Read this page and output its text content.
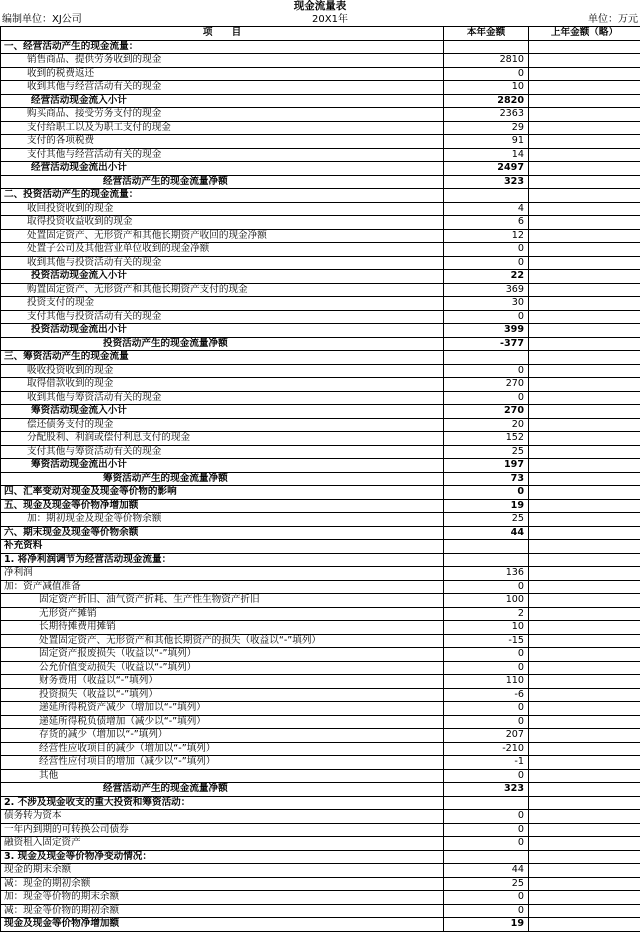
现金流量表
编制单位：XJ公司	20X1年	单位：万元
项　　目	本年金额	上年金额（略）
一、经营活动产生的现金流量：		
销售商品、提供劳务收到的现金	2810	
收到的税费返还	0	
收到其他与经营活动有关的现金	10	
经营活动现金流入小计	2820	
购买商品、接受劳务支付的现金	2363	
支付给职工以及为职工支付的现金	29	
支付的各项税费	91	
支付其他与经营活动有关的现金	14	
经营活动现金流出小计	2497	
经营活动产生的现金流量净额	323	
二、投资活动产生的现金流量：		
收回投资收到的现金	4	
取得投资收益收到的现金	6	
处置固定资产、无形资产和其他长期资产收回的现金净额	12	
处置子公司及其他营业单位收到的现金净额	0	
收到其他与投资活动有关的现金	0	
投资活动现金流入小计	22	
购置固定资产、无形资产和其他长期资产支付的现金	369	
投资支付的现金	30	
支付其他与投资活动有关的现金	0	
投资活动现金流出小计	399	
投资活动产生的现金流量净额	-377	
三、筹资活动产生的现金流量		
吸收投资收到的现金	0	
取得借款收到的现金	270	
收到其他与筹资活动有关的现金	0	
筹资活动现金流入小计	270	
偿还债务支付的现金	20	
分配股利、利润或偿付利息支付的现金	152	
支付其他与筹资活动有关的现金	25	
筹资活动现金流出小计	197	
筹资活动产生的现金流量净额	73	
四、汇率变动对现金及现金等价物的影响	0	
五、现金及现金等价物净增加额	19	
加：期初现金及现金等价物余额	25	
六、期末现金及现金等价物余额	44	
补充资料		
1. 将净利润调节为经营活动现金流量：		
净利润	136	
加：资产减值准备	0	
固定资产折旧、油气资产折耗、生产性生物资产折旧	100	
无形资产摊销	2	
长期待摊费用摊销	10	
处置固定资产、无形资产和其他长期资产的损失（收益以“-”填列）	-15	
固定资产报废损失（收益以“-”填列）	0	
公允价值变动损失（收益以“-”填列）	0	
财务费用（收益以“-”填列）	110	
投资损失（收益以“-”填列）	-6	
递延所得税资产减少（增加以“-”填列）	0	
递延所得税负债增加（减少以“-”填列）	0	
存货的减少（增加以“-”填列）	207	
经营性应收项目的减少（增加以“-”填列）	-210	
经营性应付项目的增加（减少以“-”填列）	-1	
其他	0	
经营活动产生的现金流量净额	323	
2. 不涉及现金收支的重大投资和筹资活动：		
债务转为资本	0	
一年内到期的可转换公司债券	0	
融资租入固定资产	0	
3. 现金及现金等价物净变动情况：		
现金的期末余额	44	
减：现金的期初余额	25	
加：现金等价物的期末余额	0	
减：现金等价物的期初余额	0	
现金及现金等价物净增加额	19	
